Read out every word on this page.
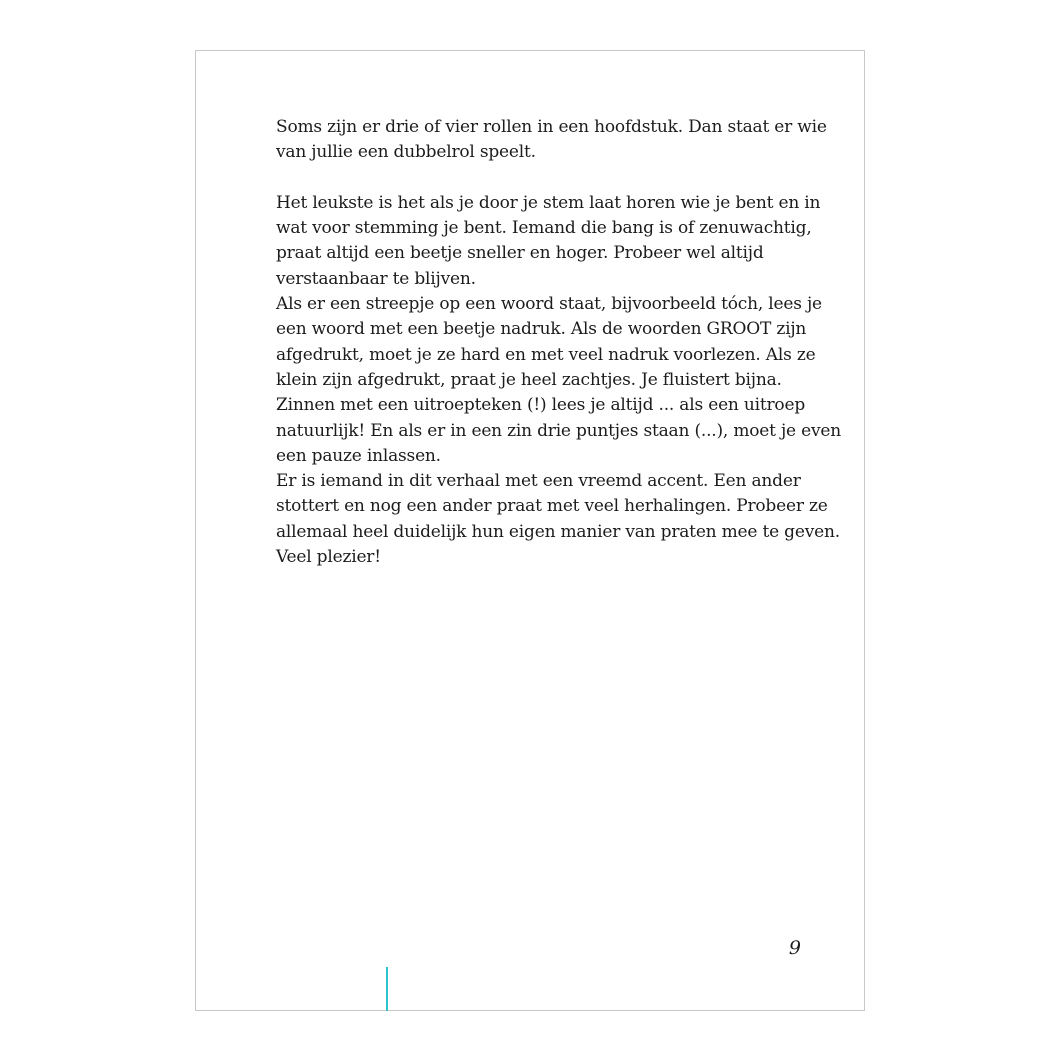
Soms zijn er drie of vier rollen in een hoofdstuk. Dan staat er wie
van jullie een dubbelrol speelt.

Het leukste is het als je door je stem laat horen wie je bent en in
wat voor stemming je bent. Iemand die bang is of zenuwachtig,
praat altijd een beetje sneller en hoger. Probeer wel altijd
verstaanbaar te blijven.

Als er een streepje op een woord staat, bijvoorbeeld tóch, lees je
een woord met een beetje nadruk. Als de woorden GROOT zijn
afgedrukt, moet je ze hard en met veel nadruk voorlezen. Als ze
klein zijn afgedrukt, praat je heel zachtjes. Je fluistert bijna.

Zinnen met een uitroepteken (!) lees je altijd ... als een uitroep
natuurlijk! En als er in een zin drie puntjes staan (...), moet je even
een pauze inlassen.

Er is iemand in dit verhaal met een vreemd accent. Een ander
stottert en nog een ander praat met veel herhalingen. Probeer ze
allemaal heel duidelijk hun eigen manier van praten mee te geven.
Veel plezier!

9
